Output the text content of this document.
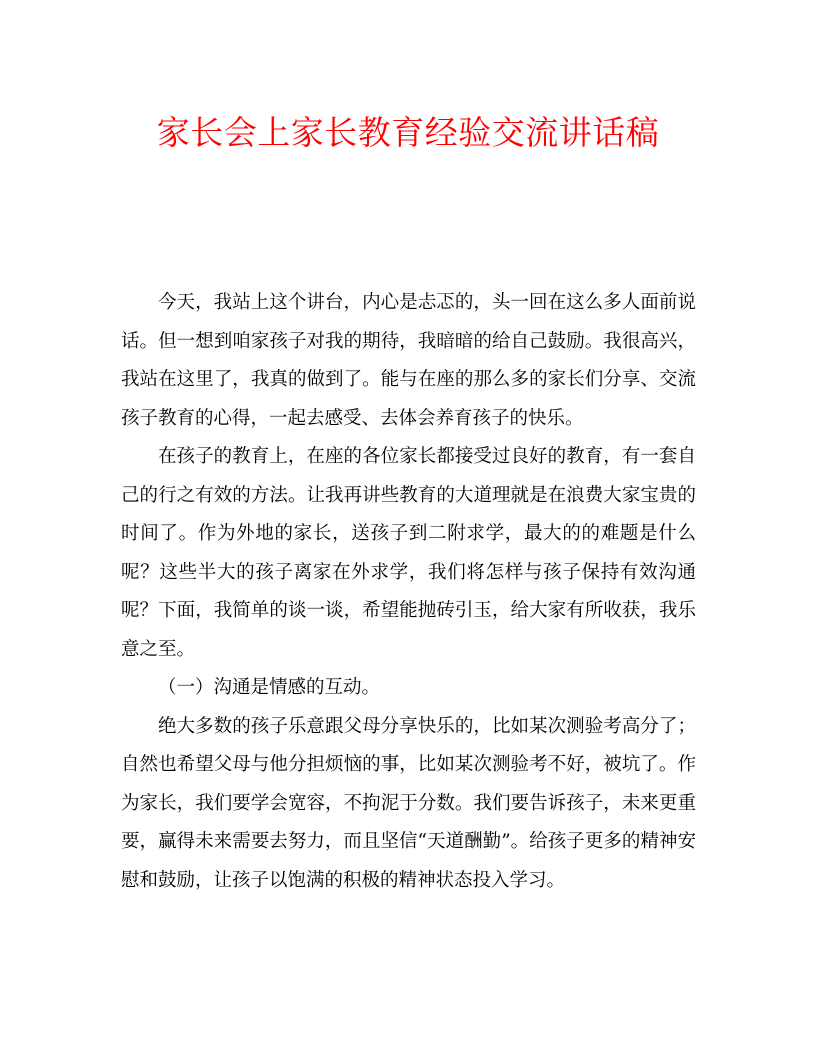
家长会上家长教育经验交流讲话稿

今天，我站上这个讲台，内心是忐忑的，头一回在这么多人面前说话。但一想到咱家孩子对我的期待，我暗暗的给自己鼓励。我很高兴，我站在这里了，我真的做到了。能与在座的那么多的家长们分享、交流孩子教育的心得，一起去感受、去体会养育孩子的快乐。

在孩子的教育上，在座的各位家长都接受过良好的教育，有一套自己的行之有效的方法。让我再讲些教育的大道理就是在浪费大家宝贵的时间了。作为外地的家长，送孩子到二附求学，最大的的难题是什么呢？这些半大的孩子离家在外求学，我们将怎样与孩子保持有效沟通呢？下面，我简单的谈一谈，希望能抛砖引玉，给大家有所收获，我乐意之至。

（一）沟通是情感的互动。

绝大多数的孩子乐意跟父母分享快乐的，比如某次测验考高分了；自然也希望父母与他分担烦恼的事，比如某次测验考不好，被坑了。作为家长，我们要学会宽容，不拘泥于分数。我们要告诉孩子，未来更重要，赢得未来需要去努力，而且坚信“天道酬勤”。给孩子更多的精神安慰和鼓励，让孩子以饱满的积极的精神状态投入学习。
